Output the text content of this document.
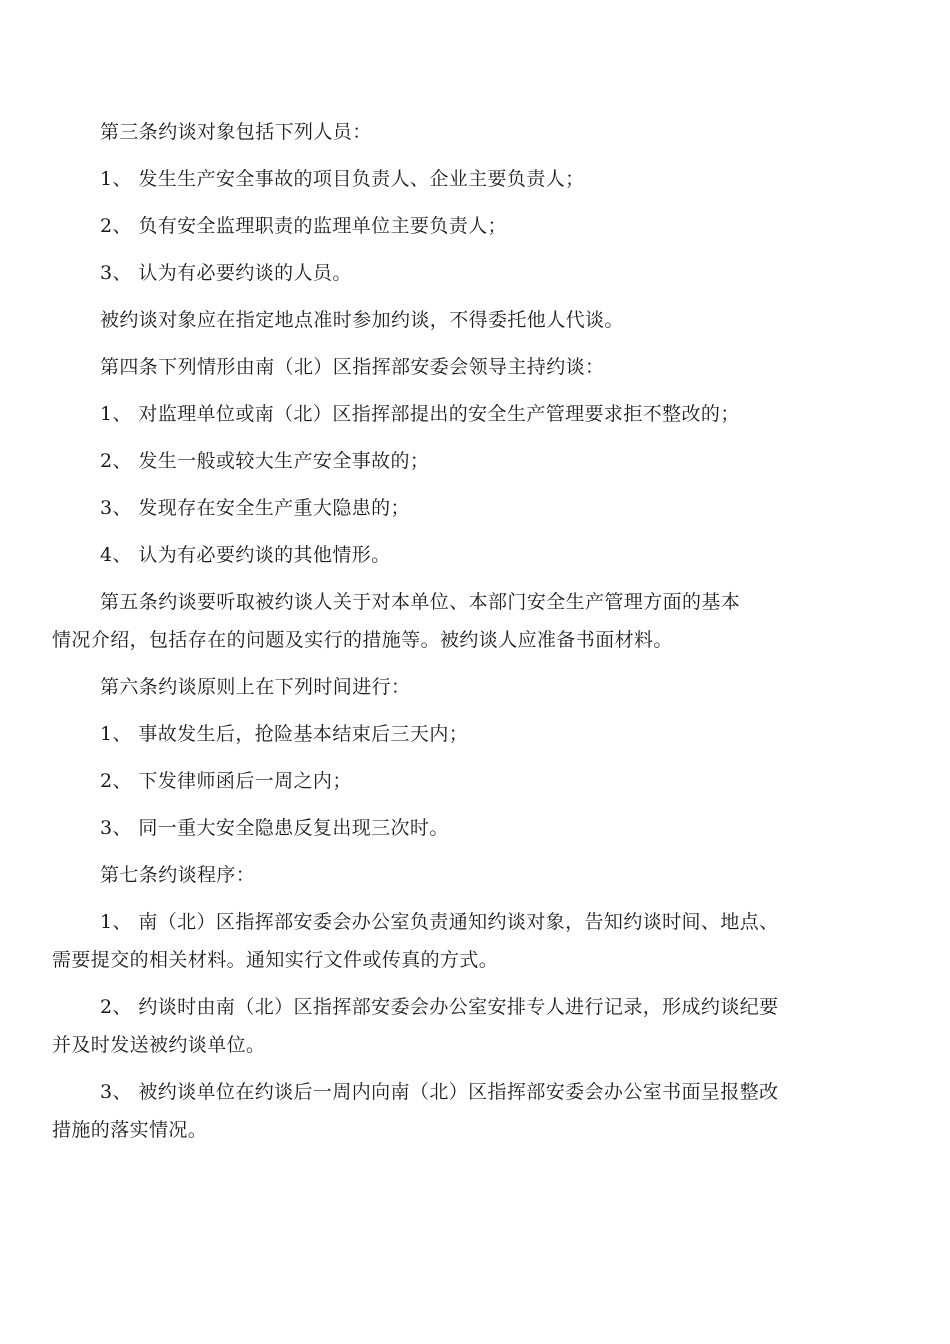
第三条约谈对象包括下列人员：

1、 发生生产安全事故的项目负责人、企业主要负责人；

2、 负有安全监理职责的监理单位主要负责人；

3、 认为有必要约谈的人员。

被约谈对象应在指定地点准时参加约谈，不得委托他人代谈。

第四条下列情形由南（北）区指挥部安委会领导主持约谈：

1、 对监理单位或南（北）区指挥部提出的安全生产管理要求拒不整改的；

2、 发生一般或较大生产安全事故的；

3、 发现存在安全生产重大隐患的；

4、 认为有必要约谈的其他情形。

第五条约谈要听取被约谈人关于对本单位、本部门安全生产管理方面的基本
情况介绍，包括存在的问题及实行的措施等。被约谈人应准备书面材料。

第六条约谈原则上在下列时间进行：

1、 事故发生后，抢险基本结束后三天内；

2、 下发律师函后一周之内；

3、 同一重大安全隐患反复出现三次时。

第七条约谈程序：

1、 南（北）区指挥部安委会办公室负责通知约谈对象，告知约谈时间、地点、
需要提交的相关材料。通知实行文件或传真的方式。
2、 约谈时由南（北）区指挥部安委会办公室安排专人进行记录，形成约谈纪要
并及时发送被约谈单位。
3、 被约谈单位在约谈后一周内向南（北）区指挥部安委会办公室书面呈报整改
措施的落实情况。
